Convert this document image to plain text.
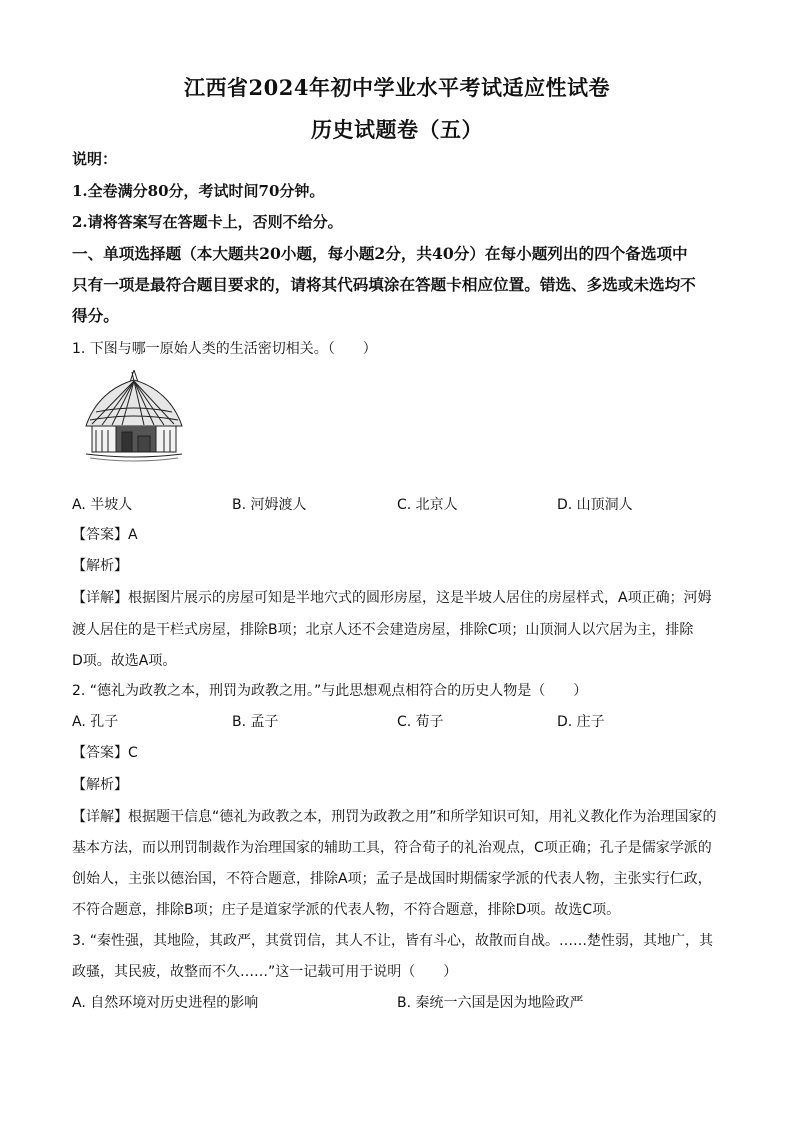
江西省2024年初中学业水平考试适应性试卷
历史试题卷（五）
说明：
1.全卷满分80分，考试时间70分钟。
2.请将答案写在答题卡上，否则不给分。
一、单项选择题（本大题共20小题，每小题2分，共40分）在每小题列出的四个备选项中
只有一项是最符合题目要求的，请将其代码填涂在答题卡相应位置。错选、多选或未选均不
得分。
1. 下图与哪一原始人类的生活密切相关。（　　）
A. 半坡人	B. 河姆渡人	C. 北京人	D. 山顶洞人
【答案】A
【解析】
【详解】根据图片展示的房屋可知是半地穴式的圆形房屋，这是半坡人居住的房屋样式，A项正确；河姆
渡人居住的是干栏式房屋，排除B项；北京人还不会建造房屋，排除C项；山顶洞人以穴居为主，排除
D项。故选A项。
2. “德礼为政教之本，刑罚为政教之用。”与此思想观点相符合的历史人物是（　　）
A. 孔子	B. 孟子	C. 荀子	D. 庄子
【答案】C
【解析】
【详解】根据题干信息“德礼为政教之本，刑罚为政教之用”和所学知识可知，用礼义教化作为治理国家的
基本方法，而以刑罚制裁作为治理国家的辅助工具，符合荀子的礼治观点，C项正确；孔子是儒家学派的
创始人，主张以德治国，不符合题意，排除A项；孟子是战国时期儒家学派的代表人物，主张实行仁政，
不符合题意，排除B项；庄子是道家学派的代表人物，不符合题意，排除D项。故选C项。
3. “秦性强，其地险，其政严，其赏罚信，其人不让，皆有斗心，故散而自战。……楚性弱，其地广，其
政骚，其民疲，故整而不久……”这一记载可用于说明（　　）
A. 自然环境对历史进程的影响	B. 秦统一六国是因为地险政严
